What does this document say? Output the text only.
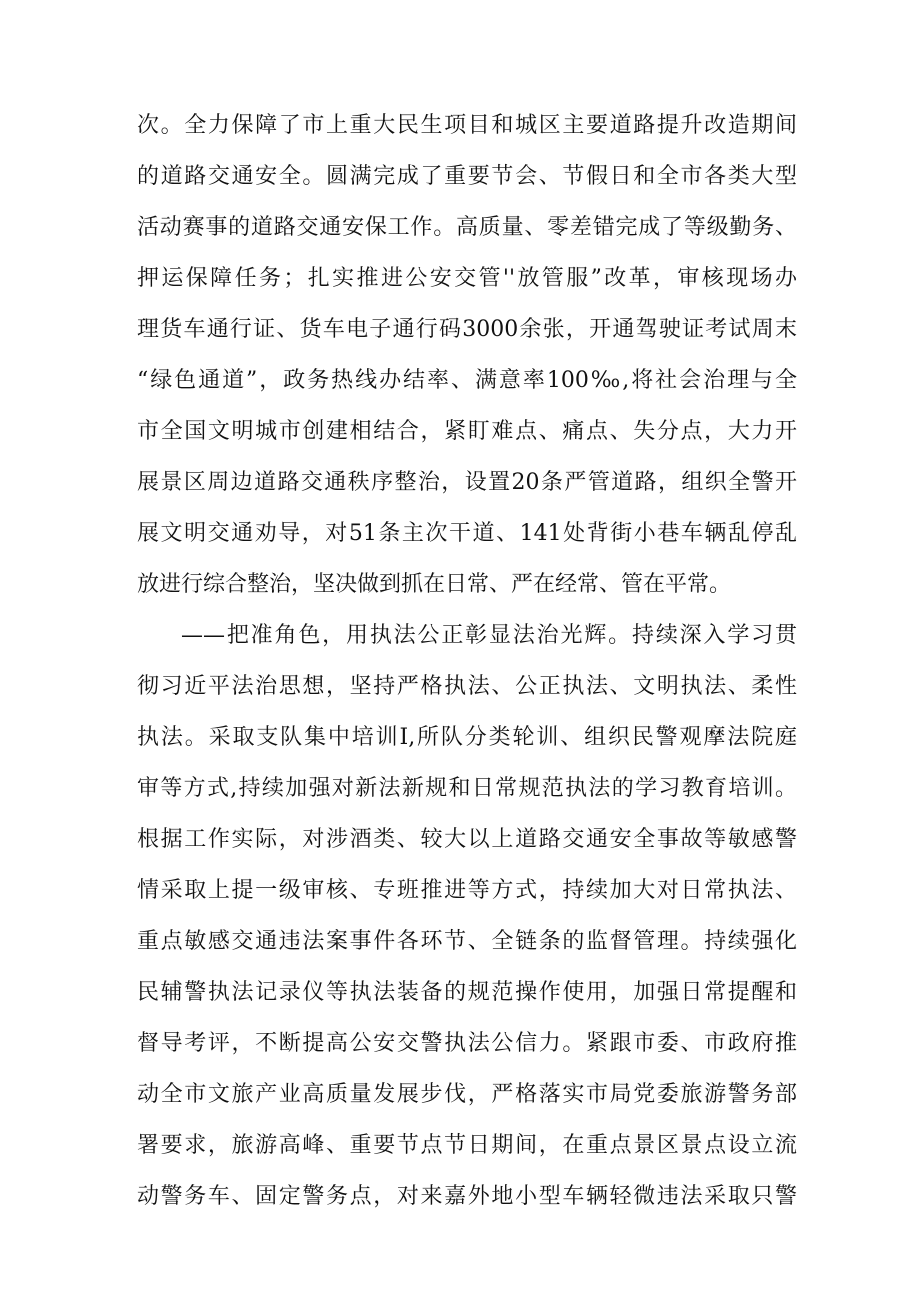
次。全力保障了市上重大民生项目和城区主要道路提升改造期间
的道路交通安全。圆满完成了重要节会、节假日和全市各类大型
活动赛事的道路交通安保工作。高质量、零差错完成了等级勤务、
押运保障任务；扎实推进公安交管''放管服”改革，审核现场办
理货车通行证、货车电子通行码3000余张，开通驾驶证考试周末
“绿色通道”，政务热线办结率、满意率100‰,将社会治理与全
市全国文明城市创建相结合，紧盯难点、痛点、失分点，大力开
展景区周边道路交通秩序整治，设置20条严管道路，组织全警开
展文明交通劝导，对51条主次干道、141处背街小巷车辆乱停乱
放进行综合整治，坚决做到抓在日常、严在经常、管在平常。
——把准角色，用执法公正彰显法治光辉。持续深入学习贯
彻习近平法治思想，坚持严格执法、公正执法、文明执法、柔性
执法。采取支队集中培训I,所队分类轮训、组织民警观摩法院庭
审等方式,持续加强对新法新规和日常规范执法的学习教育培训。
根据工作实际，对涉酒类、较大以上道路交通安全事故等敏感警
情采取上提一级审核、专班推进等方式，持续加大对日常执法、
重点敏感交通违法案事件各环节、全链条的监督管理。持续强化
民辅警执法记录仪等执法装备的规范操作使用，加强日常提醒和
督导考评，不断提高公安交警执法公信力。紧跟市委、市政府推
动全市文旅产业高质量发展步伐，严格落实市局党委旅游警务部
署要求，旅游高峰、重要节点节日期间，在重点景区景点设立流
动警务车、固定警务点，对来嘉外地小型车辆轻微违法采取只警
